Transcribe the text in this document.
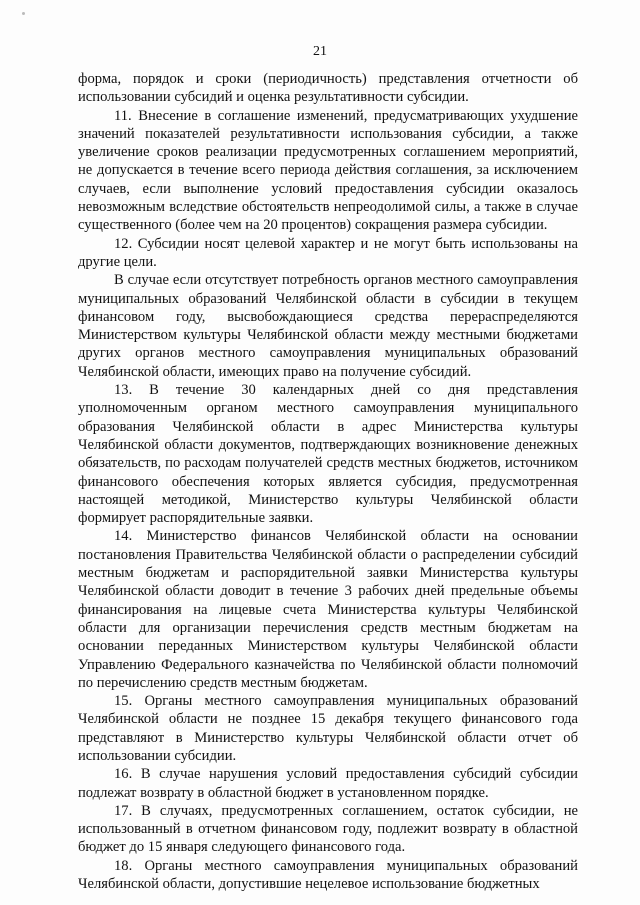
21

форма, порядок и сроки (периодичность) представления отчетности об использовании субсидий и оценка результативности субсидии.

11. Внесение в соглашение изменений, предусматривающих ухудшение значений показателей результативности использования субсидии, а также увеличение сроков реализации предусмотренных соглашением мероприятий, не допускается в течение всего периода действия соглашения, за исключением случаев, если выполнение условий предоставления субсидии оказалось невозможным вследствие обстоятельств непреодолимой силы, а также в случае существенного (более чем на 20 процентов) сокращения размера субсидии.

12. Субсидии носят целевой характер и не могут быть использованы на другие цели.

В случае если отсутствует потребность органов местного самоуправления муниципальных образований Челябинской области в субсидии в текущем финансовом году, высвобождающиеся средства перераспределяются Министерством культуры Челябинской области между местными бюджетами других органов местного самоуправления муниципальных образований Челябинской области, имеющих право на получение субсидий.

13. В течение 30 календарных дней со дня представления уполномоченным органом местного самоуправления муниципального образования Челябинской области в адрес Министерства культуры Челябинской области документов, подтверждающих возникновение денежных обязательств, по расходам получателей средств местных бюджетов, источником финансового обеспечения которых является субсидия, предусмотренная настоящей методикой, Министерство культуры Челябинской области формирует распорядительные заявки.

14. Министерство финансов Челябинской области на основании постановления Правительства Челябинской области о распределении субсидий местным бюджетам и распорядительной заявки Министерства культуры Челябинской области доводит в течение 3 рабочих дней предельные объемы финансирования на лицевые счета Министерства культуры Челябинской области для организации перечисления средств местным бюджетам на основании переданных Министерством культуры Челябинской области Управлению Федерального казначейства по Челябинской области полномочий по перечислению средств местным бюджетам.

15. Органы местного самоуправления муниципальных образований Челябинской области не позднее 15 декабря текущего финансового года представляют в Министерство культуры Челябинской области отчет об использовании субсидии.

16. В случае нарушения условий предоставления субсидий субсидии подлежат возврату в областной бюджет в установленном порядке.

17. В случаях, предусмотренных соглашением, остаток субсидии, не использованный в отчетном финансовом году, подлежит возврату в областной бюджет до 15 января следующего финансового года.

18. Органы местного самоуправления муниципальных образований Челябинской области, допустившие нецелевое использование бюджетных
